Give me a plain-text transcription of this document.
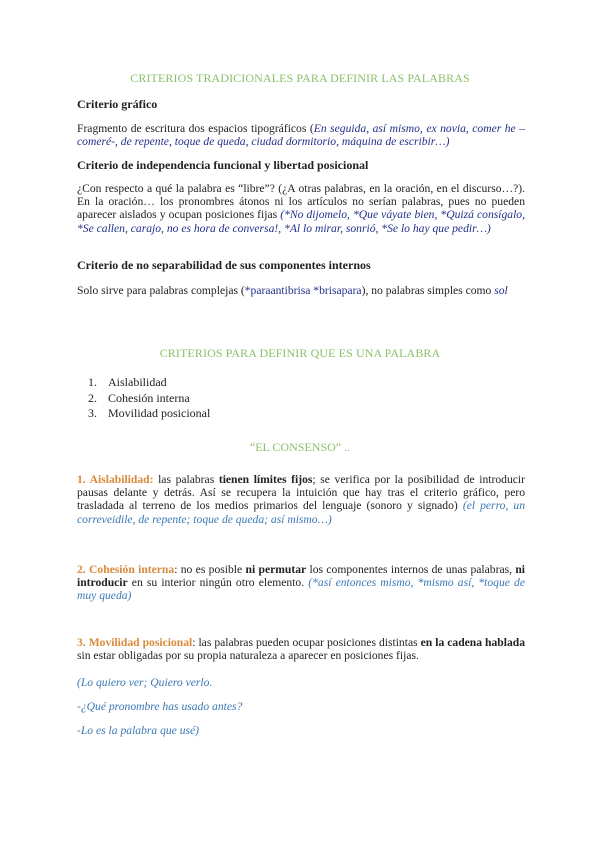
CRITERIOS TRADICIONALES PARA DEFINIR LAS PALABRAS
Criterio gráfico
Fragmento de escritura dos espacios tipográficos (En seguida, así mismo, ex novia, comer he –comeré-, de repente, toque de queda, ciudad dormitorio, máquina de escribir…)
Criterio de independencia funcional y libertad posicional
¿Con respecto a qué la palabra es “libre”? (¿A otras palabras, en la oración, en el discurso…?). En la oración… los pronombres átonos ni los artículos no serían palabras, pues no pueden aparecer aislados y ocupan posiciones fijas (*No dijomelo, *Que váyate bien, *Quizá consígalo, *Se callen, carajo, no es hora de conversa!, *Al lo mirar, sonrió, *Se lo hay que pedir…)
Criterio de no separabilidad de sus componentes internos
Solo sirve para palabras complejas (*paraantibrisa *brisapara), no palabras simples como sol
CRITERIOS PARA DEFINIR QUE ES UNA PALABRA
1. Aislabilidad
2. Cohesión interna
3. Movilidad posicional
“EL CONSENSO” ..
1. Aislabilidad: las palabras tienen límites fijos; se verifica por la posibilidad de introducir pausas delante y detrás. Así se recupera la intuición que hay tras el criterio gráfico, pero trasladada al terreno de los medios primarios del lenguaje (sonoro y signado) (el perro, un correveidile, de repente; toque de queda; así mismo…)
2. Cohesión interna: no es posible ni permutar los componentes internos de unas palabras, ni introducir en su interior ningún otro elemento. (*así entonces mismo, *mismo así, *toque de muy queda)
3. Movilidad posicional: las palabras pueden ocupar posiciones distintas en la cadena hablada sin estar obligadas por su propia naturaleza a aparecer en posiciones fijas.
(Lo quiero ver; Quiero verlo.
-¿Qué pronombre has usado antes?
-Lo es la palabra que usé)
